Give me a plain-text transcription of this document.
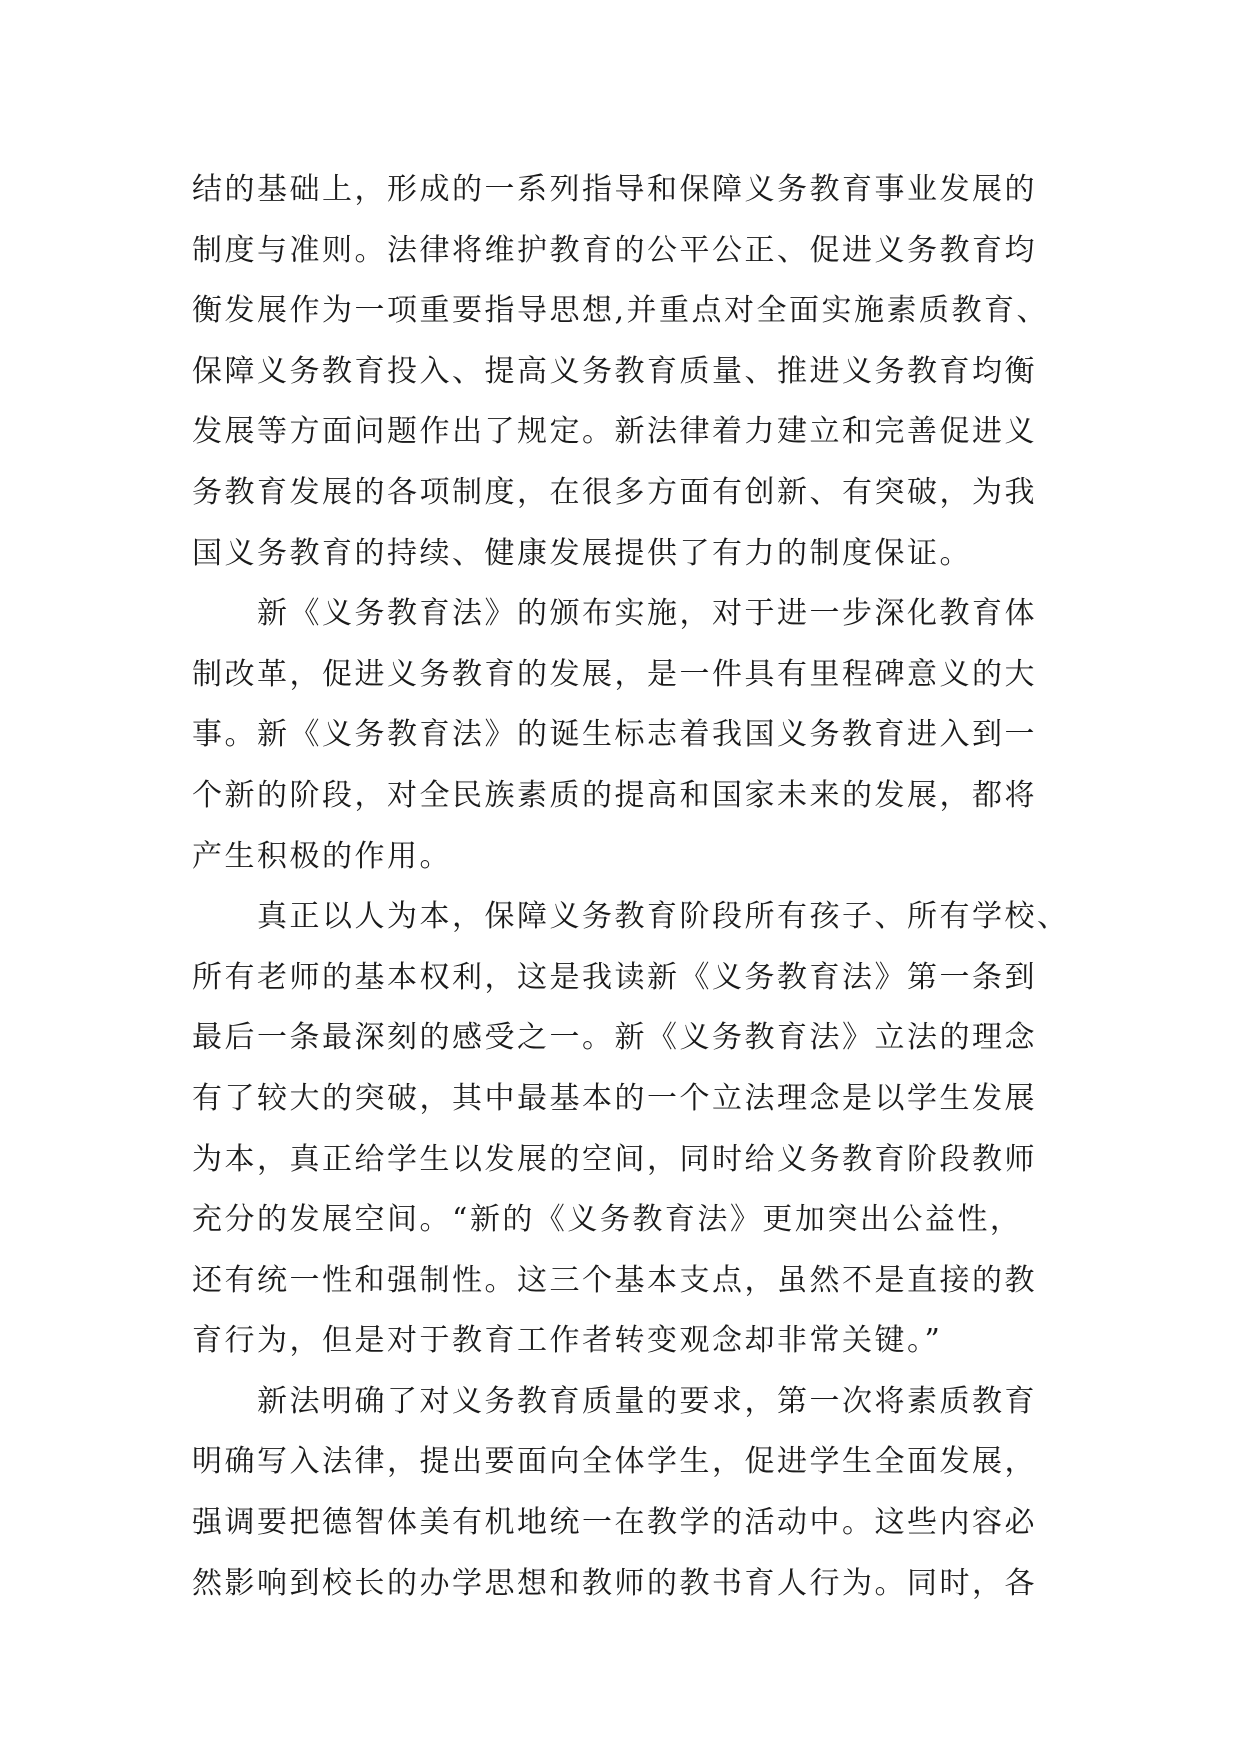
结的基础上，形成的一系列指导和保障义务教育事业发展的
制度与准则。法律将维护教育的公平公正、促进义务教育均
衡发展作为一项重要指导思想,并重点对全面实施素质教育、
保障义务教育投入、提高义务教育质量、推进义务教育均衡
发展等方面问题作出了规定。新法律着力建立和完善促进义
务教育发展的各项制度，在很多方面有创新、有突破，为我
国义务教育的持续、健康发展提供了有力的制度保证。
　　新《义务教育法》的颁布实施，对于进一步深化教育体
制改革，促进义务教育的发展，是一件具有里程碑意义的大
事。新《义务教育法》的诞生标志着我国义务教育进入到一
个新的阶段，对全民族素质的提高和国家未来的发展，都将
产生积极的作用。
　　真正以人为本，保障义务教育阶段所有孩子、所有学校、
所有老师的基本权利，这是我读新《义务教育法》第一条到
最后一条最深刻的感受之一。新《义务教育法》立法的理念
有了较大的突破，其中最基本的一个立法理念是以学生发展
为本，真正给学生以发展的空间，同时给义务教育阶段教师
充分的发展空间。“新的《义务教育法》更加突出公益性，
还有统一性和强制性。这三个基本支点，虽然不是直接的教
育行为，但是对于教育工作者转变观念却非常关键。”
　　新法明确了对义务教育质量的要求，第一次将素质教育
明确写入法律，提出要面向全体学生，促进学生全面发展，
强调要把德智体美有机地统一在教学的活动中。这些内容必
然影响到校长的办学思想和教师的教书育人行为。同时，各
